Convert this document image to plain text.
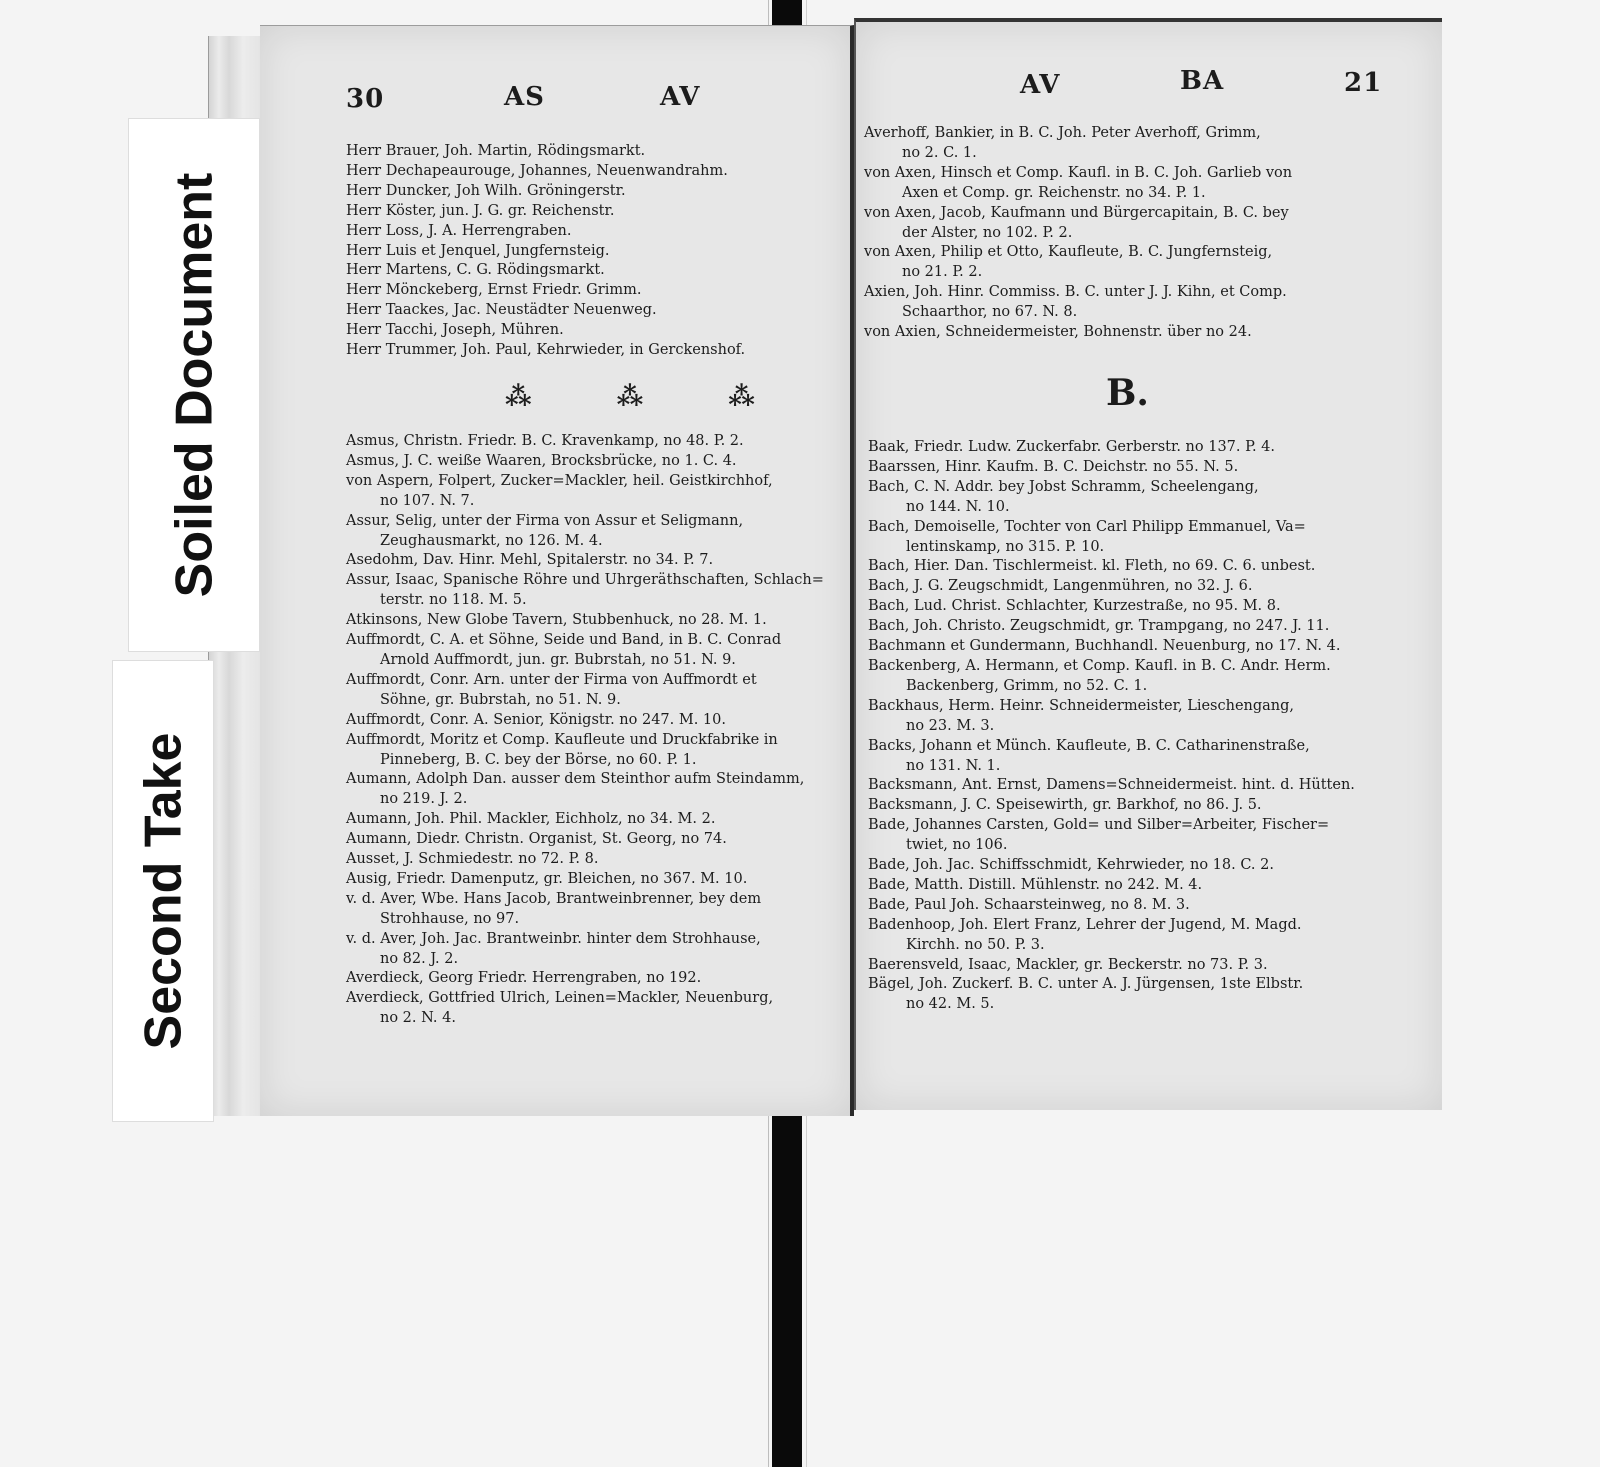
Soiled Document
Second Take
30	AS	AV
Herr Brauer, Joh. Martin, Rödingsmarkt.
Herr Dechapeaurouge, Johannes, Neuenwandrahm.
Herr Duncker, Joh Wilh. Gröningerstr.
Herr Köster, jun. J. G. gr. Reichenstr.
Herr Loss, J. A. Herrengraben.
Herr Luis et Jenquel, Jungfernsteig.
Herr Martens, C. G. Rödingsmarkt.
Herr Mönckeberg, Ernst Friedr. Grimm.
Herr Taackes, Jac. Neustädter Neuenweg.
Herr Tacchi, Joseph, Mühren.
Herr Trummer, Joh. Paul, Kehrwieder, in Gerckenshof.
⁂ ⁂ ⁂
Asmus, Christn. Friedr. B. C. Kravenkamp, no 48. P. 2.
Asmus, J. C. weiße Waaren, Brocksbrücke, no 1. C. 4.
von Aspern, Folpert, Zucker=Mackler, heil. Geistkirchhof,
no 107. N. 7.
Assur, Selig, unter der Firma von Assur et Seligmann,
Zeughausmarkt, no 126. M. 4.
Asedohm, Dav. Hinr. Mehl, Spitalerstr. no 34. P. 7.
Assur, Isaac, Spanische Röhre und Uhrgeräthschaften, Schlach=
terstr. no 118. M. 5.
Atkinsons, New Globe Tavern, Stubbenhuck, no 28. M. 1.
Auffmordt, C. A. et Söhne, Seide und Band, in B. C. Conrad
Arnold Auffmordt, jun. gr. Bubrstah, no 51. N. 9.
Auffmordt, Conr. Arn. unter der Firma von Auffmordt et
Söhne, gr. Bubrstah, no 51. N. 9.
Auffmordt, Conr. A. Senior, Königstr. no 247. M. 10.
Auffmordt, Moritz et Comp. Kaufleute und Druckfabrike in
Pinneberg, B. C. bey der Börse, no 60. P. 1.
Aumann, Adolph Dan. ausser dem Steinthor aufm Steindamm,
no 219. J. 2.
Aumann, Joh. Phil. Mackler, Eichholz, no 34. M. 2.
Aumann, Diedr. Christn. Organist, St. Georg, no 74.
Ausset, J. Schmiedestr. no 72. P. 8.
Ausig, Friedr. Damenputz, gr. Bleichen, no 367. M. 10.
v. d. Aver, Wbe. Hans Jacob, Brantweinbrenner, bey dem
Strohhause, no 97.
v. d. Aver, Joh. Jac. Brantweinbr. hinter dem Strohhause,
no 82. J. 2.
Averdieck, Georg Friedr. Herrengraben, no 192.
Averdieck, Gottfried Ulrich, Leinen=Mackler, Neuenburg,
no 2. N. 4.
AV	BA	21
Averhoff, Bankier, in B. C. Joh. Peter Averhoff, Grimm,
no 2. C. 1.
von Axen, Hinsch et Comp. Kaufl. in B. C. Joh. Garlieb von
Axen et Comp. gr. Reichenstr. no 34. P. 1.
von Axen, Jacob, Kaufmann und Bürgercapitain, B. C. bey
der Alster, no 102. P. 2.
von Axen, Philip et Otto, Kaufleute, B. C. Jungfernsteig,
no 21. P. 2.
Axien, Joh. Hinr. Commiss. B. C. unter J. J. Kihn, et Comp.
Schaarthor, no 67. N. 8.
von Axien, Schneidermeister, Bohnenstr. über no 24.
B.
Baak, Friedr. Ludw. Zuckerfabr. Gerberstr. no 137. P. 4.
Baarssen, Hinr. Kaufm. B. C. Deichstr. no 55. N. 5.
Bach, C. N. Addr. bey Jobst Schramm, Scheelengang,
no 144. N. 10.
Bach, Demoiselle, Tochter von Carl Philipp Emmanuel, Va=
lentinskamp, no 315. P. 10.
Bach, Hier. Dan. Tischlermeist. kl. Fleth, no 69. C. 6. unbest.
Bach, J. G. Zeugschmidt, Langenmühren, no 32. J. 6.
Bach, Lud. Christ. Schlachter, Kurzestraße, no 95. M. 8.
Bach, Joh. Christo. Zeugschmidt, gr. Trampgang, no 247. J. 11.
Bachmann et Gundermann, Buchhandl. Neuenburg, no 17. N. 4.
Backenberg, A. Hermann, et Comp. Kaufl. in B. C. Andr. Herm.
Backenberg, Grimm, no 52. C. 1.
Backhaus, Herm. Heinr. Schneidermeister, Lieschengang,
no 23. M. 3.
Backs, Johann et Münch. Kaufleute, B. C. Catharinenstraße,
no 131. N. 1.
Backsmann, Ant. Ernst, Damens=Schneidermeist. hint. d. Hütten.
Backsmann, J. C. Speisewirth, gr. Barkhof, no 86. J. 5.
Bade, Johannes Carsten, Gold= und Silber=Arbeiter, Fischer=
twiet, no 106.
Bade, Joh. Jac. Schiffsschmidt, Kehrwieder, no 18. C. 2.
Bade, Matth. Distill. Mühlenstr. no 242. M. 4.
Bade, Paul Joh. Schaarsteinweg, no 8. M. 3.
Badenhoop, Joh. Elert Franz, Lehrer der Jugend, M. Magd.
Kirchh. no 50. P. 3.
Baerensveld, Isaac, Mackler, gr. Beckerstr. no 73. P. 3.
Bägel, Joh. Zuckerf. B. C. unter A. J. Jürgensen, 1ste Elbstr.
no 42. M. 5.
